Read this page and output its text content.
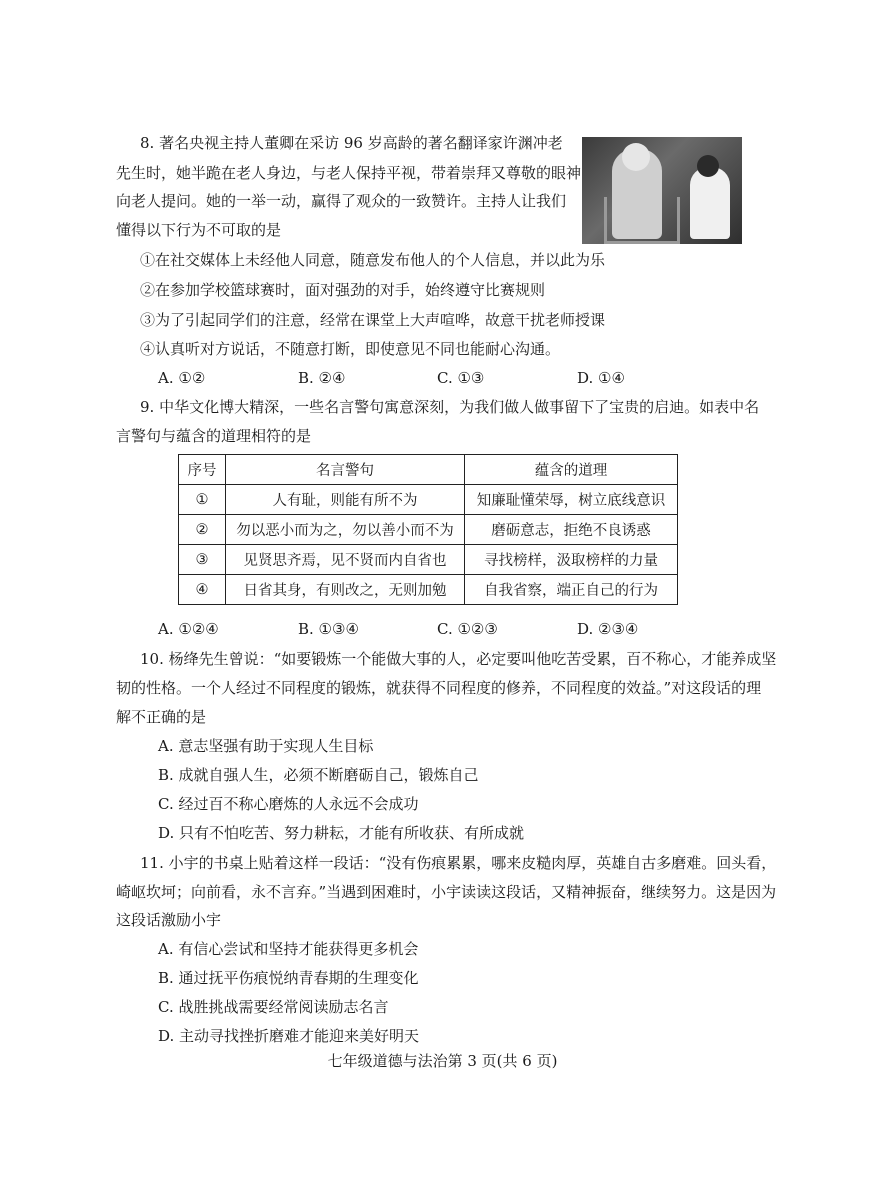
8. 著名央视主持人董卿在采访 96 岁高龄的著名翻译家许渊冲老
先生时，她半跪在老人身边，与老人保持平视，带着崇拜又尊敬的眼神
向老人提问。她的一举一动，赢得了观众的一致赞许。主持人让我们
懂得以下行为不可取的是
①在社交媒体上未经他人同意，随意发布他人的个人信息，并以此为乐
②在参加学校篮球赛时，面对强劲的对手，始终遵守比赛规则
③为了引起同学们的注意，经常在课堂上大声喧哗，故意干扰老师授课
④认真听对方说话，不随意打断，即使意见不同也能耐心沟通。
A. ①②	B. ②④	C. ①③	D. ①④
9. 中华文化博大精深，一些名言警句寓意深刻，为我们做人做事留下了宝贵的启迪。如表中名
言警句与蕴含的道理相符的是
序号	名言警句	蕴含的道理
①	人有耻，则能有所不为	知廉耻懂荣辱，树立底线意识
②	勿以恶小而为之，勿以善小而不为	磨砺意志，拒绝不良诱惑
③	见贤思齐焉，见不贤而内自省也	寻找榜样，汲取榜样的力量
④	日省其身，有则改之，无则加勉	自我省察，端正自己的行为
A. ①②④	B. ①③④	C. ①②③	D. ②③④
10. 杨绛先生曾说：“如要锻炼一个能做大事的人，必定要叫他吃苦受累，百不称心，才能养成坚
韧的性格。一个人经过不同程度的锻炼，就获得不同程度的修养，不同程度的效益。”对这段话的理
解不正确的是
A. 意志坚强有助于实现人生目标
B. 成就自强人生，必须不断磨砺自己，锻炼自己
C. 经过百不称心磨炼的人永远不会成功
D. 只有不怕吃苦、努力耕耘，才能有所收获、有所成就
11. 小宇的书桌上贴着这样一段话：“没有伤痕累累，哪来皮糙肉厚，英雄自古多磨难。回头看，
崎岖坎坷；向前看，永不言弃。”当遇到困难时，小宇读读这段话，又精神振奋，继续努力。这是因为
这段话激励小宇
A. 有信心尝试和坚持才能获得更多机会
B. 通过抚平伤痕悦纳青春期的生理变化
C. 战胜挑战需要经常阅读励志名言
D. 主动寻找挫折磨难才能迎来美好明天
七年级道德与法治第 3 页(共 6 页)
